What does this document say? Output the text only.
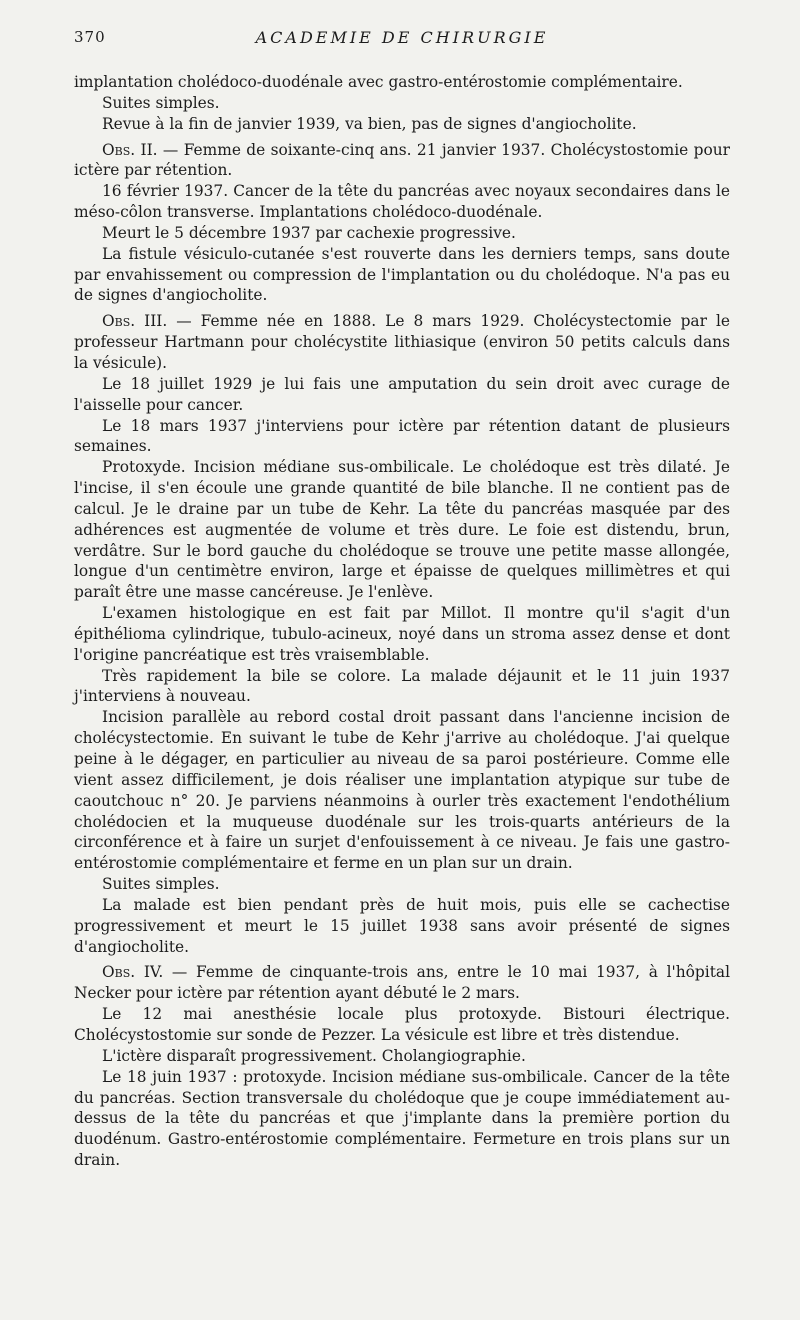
370	ACADEMIE DE CHIRURGIE

implantation cholédoco-duodénale avec gastro-entérostomie complémentaire.

Suites simples.

Revue à la fin de janvier 1939, va bien, pas de signes d'angiocholite.

Obs. II. — Femme de soixante-cinq ans. 21 janvier 1937. Cholécystostomie pour ictère par rétention.

16 février 1937. Cancer de la tête du pancréas avec noyaux secondaires dans le méso-côlon transverse. Implantations cholédoco-duodénale.

Meurt le 5 décembre 1937 par cachexie progressive.

La fistule vésiculo-cutanée s'est rouverte dans les derniers temps, sans doute par envahissement ou compression de l'implantation ou du cholédoque. N'a pas eu de signes d'angiocholite.

Obs. III. — Femme née en 1888. Le 8 mars 1929. Cholécystectomie par le professeur Hartmann pour cholécystite lithiasique (environ 50 petits calculs dans la vésicule).

Le 18 juillet 1929 je lui fais une amputation du sein droit avec curage de l'aisselle pour cancer.

Le 18 mars 1937 j'interviens pour ictère par rétention datant de plusieurs semaines.

Protoxyde. Incision médiane sus-ombilicale. Le cholédoque est très dilaté. Je l'incise, il s'en écoule une grande quantité de bile blanche. Il ne contient pas de calcul. Je le draine par un tube de Kehr. La tête du pancréas masquée par des adhérences est augmentée de volume et très dure. Le foie est distendu, brun, verdâtre. Sur le bord gauche du cholédoque se trouve une petite masse allongée, longue d'un centimètre environ, large et épaisse de quelques millimètres et qui paraît être une masse cancéreuse. Je l'enlève.

L'examen histologique en est fait par Millot. Il montre qu'il s'agit d'un épithélioma cylindrique, tubulo-acineux, noyé dans un stroma assez dense et dont l'origine pancréatique est très vraisemblable.

Très rapidement la bile se colore. La malade déjaunit et le 11 juin 1937 j'interviens à nouveau.

Incision parallèle au rebord costal droit passant dans l'ancienne incision de cholécystectomie. En suivant le tube de Kehr j'arrive au cholédoque. J'ai quelque peine à le dégager, en particulier au niveau de sa paroi postérieure. Comme elle vient assez difficilement, je dois réaliser une implantation atypique sur tube de caoutchouc n° 20. Je parviens néanmoins à ourler très exactement l'endothélium cholédocien et la muqueuse duodénale sur les trois-quarts antérieurs de la circonférence et à faire un surjet d'enfouissement à ce niveau. Je fais une gastro-entérostomie complémentaire et ferme en un plan sur un drain.

Suites simples.

La malade est bien pendant près de huit mois, puis elle se cachectise progressivement et meurt le 15 juillet 1938 sans avoir présenté de signes d'angiocholite.

Obs. IV. — Femme de cinquante-trois ans, entre le 10 mai 1937, à l'hôpital Necker pour ictère par rétention ayant débuté le 2 mars.

Le 12 mai anesthésie locale plus protoxyde. Bistouri électrique. Cholécystostomie sur sonde de Pezzer. La vésicule est libre et très distendue.

L'ictère disparaît progressivement. Cholangiographie.

Le 18 juin 1937 : protoxyde. Incision médiane sus-ombilicale. Cancer de la tête du pancréas. Section transversale du cholédoque que je coupe immédiatement au-dessus de la tête du pancréas et que j'implante dans la première portion du duodénum. Gastro-entérostomie complémentaire. Fermeture en trois plans sur un drain.
